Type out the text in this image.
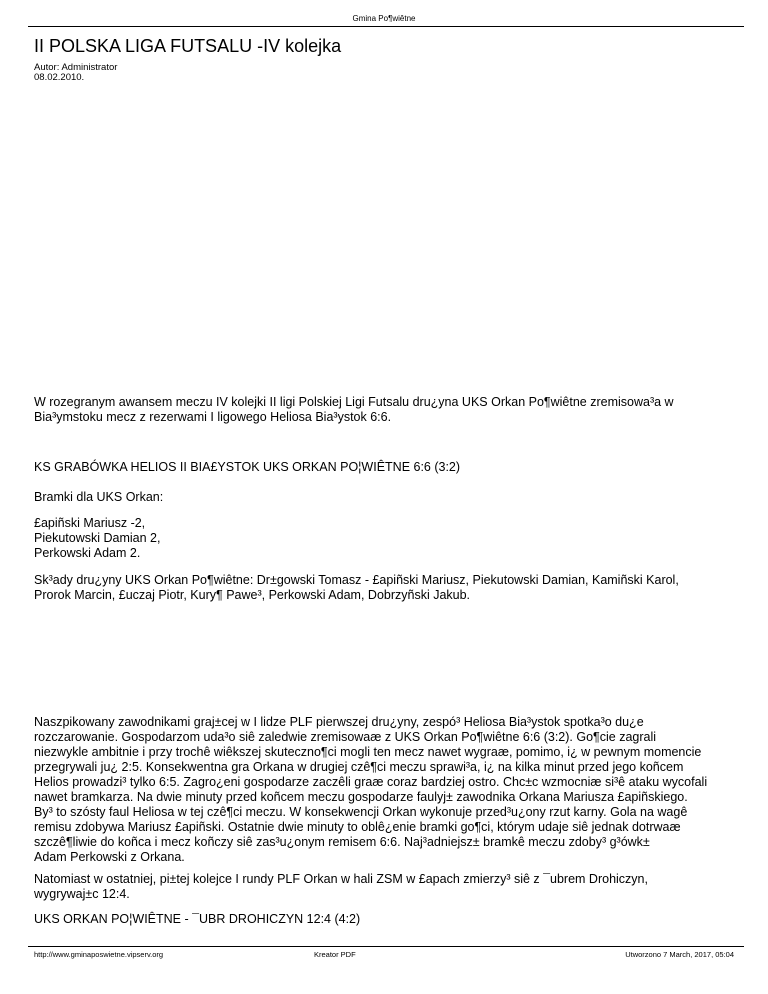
Gmina Po¶wiêtne
II POLSKA LIGA FUTSALU -IV kolejka
Autor: Administrator
08.02.2010.
W rozegranym awansem meczu IV kolejki II ligi Polskiej Ligi Futsalu dru¿yna UKS Orkan Po¶wiêtne zremisowa³a w
Bia³ymstoku mecz z rezerwami I ligowego Heliosa Bia³ystok 6:6.
KS GRABÓWKA HELIOS II BIA£YSTOK UKS ORKAN PO¦WIÊTNE 6:6 (3:2)
Bramki dla UKS Orkan:
£apiñski Mariusz -2,
Piekutowski Damian 2,
Perkowski Adam 2.
Sk³ady dru¿yny UKS Orkan Po¶wiêtne: Dr±gowski Tomasz - £apiñski Mariusz, Piekutowski Damian, Kamiñski Karol,
Prorok Marcin, £uczaj Piotr, Kury¶ Pawe³, Perkowski Adam, Dobrzyñski Jakub.
Naszpikowany zawodnikami graj±cej w I lidze PLF pierwszej dru¿yny, zespó³ Heliosa Bia³ystok spotka³o du¿e
rozczarowanie. Gospodarzom uda³o siê zaledwie zremisowaæ z UKS Orkan Po¶wiêtne 6:6 (3:2). Go¶cie zagrali
niezwykle ambitnie i przy trochê wiêkszej skuteczno¶ci mogli ten mecz nawet wygraæ, pomimo, i¿ w pewnym momencie
przegrywali ju¿ 2:5. Konsekwentna gra Orkana w drugiej czê¶ci meczu sprawi³a, i¿ na kilka minut przed jego koñcem
Helios prowadzi³ tylko 6:5. Zagro¿eni gospodarze zaczêli graæ coraz bardziej ostro. Chc±c wzmocniæ si³ê ataku wycofali
nawet bramkarza. Na dwie minuty przed koñcem meczu gospodarze faulуj± zawodnika Orkana Mariusza £apiñskiego.
By³ to szósty faul Heliosa w tej czê¶ci meczu. W konsekwencji Orkan wykonuje przed³u¿ony rzut karny. Gola na wagê
remisu zdobywa Mariusz £apiñski. Ostatnie dwie minuty to oblê¿enie bramki go¶ci, którym udaje siê jednak dotrwaæ
szczê¶liwie do koñca i mecz koñczy siê zas³u¿onym remisem 6:6. Naj³adniejsz± bramkê meczu zdoby³ g³ówk±
Adam Perkowski z Orkana.
Natomiast w ostatniej, pi±tej kolejce I rundy PLF Orkan w hali ZSM w £apach zmierzy³ siê z ¯ubrem Drohiczyn,
wygrywaj±c 12:4.
UKS ORKAN PO¦WIÊTNE - ¯UBR DROHICZYN 12:4 (4:2)
http://www.gminaposwietne.vipserv.org	Kreator PDF	Utworzono 7 March, 2017, 05:04
